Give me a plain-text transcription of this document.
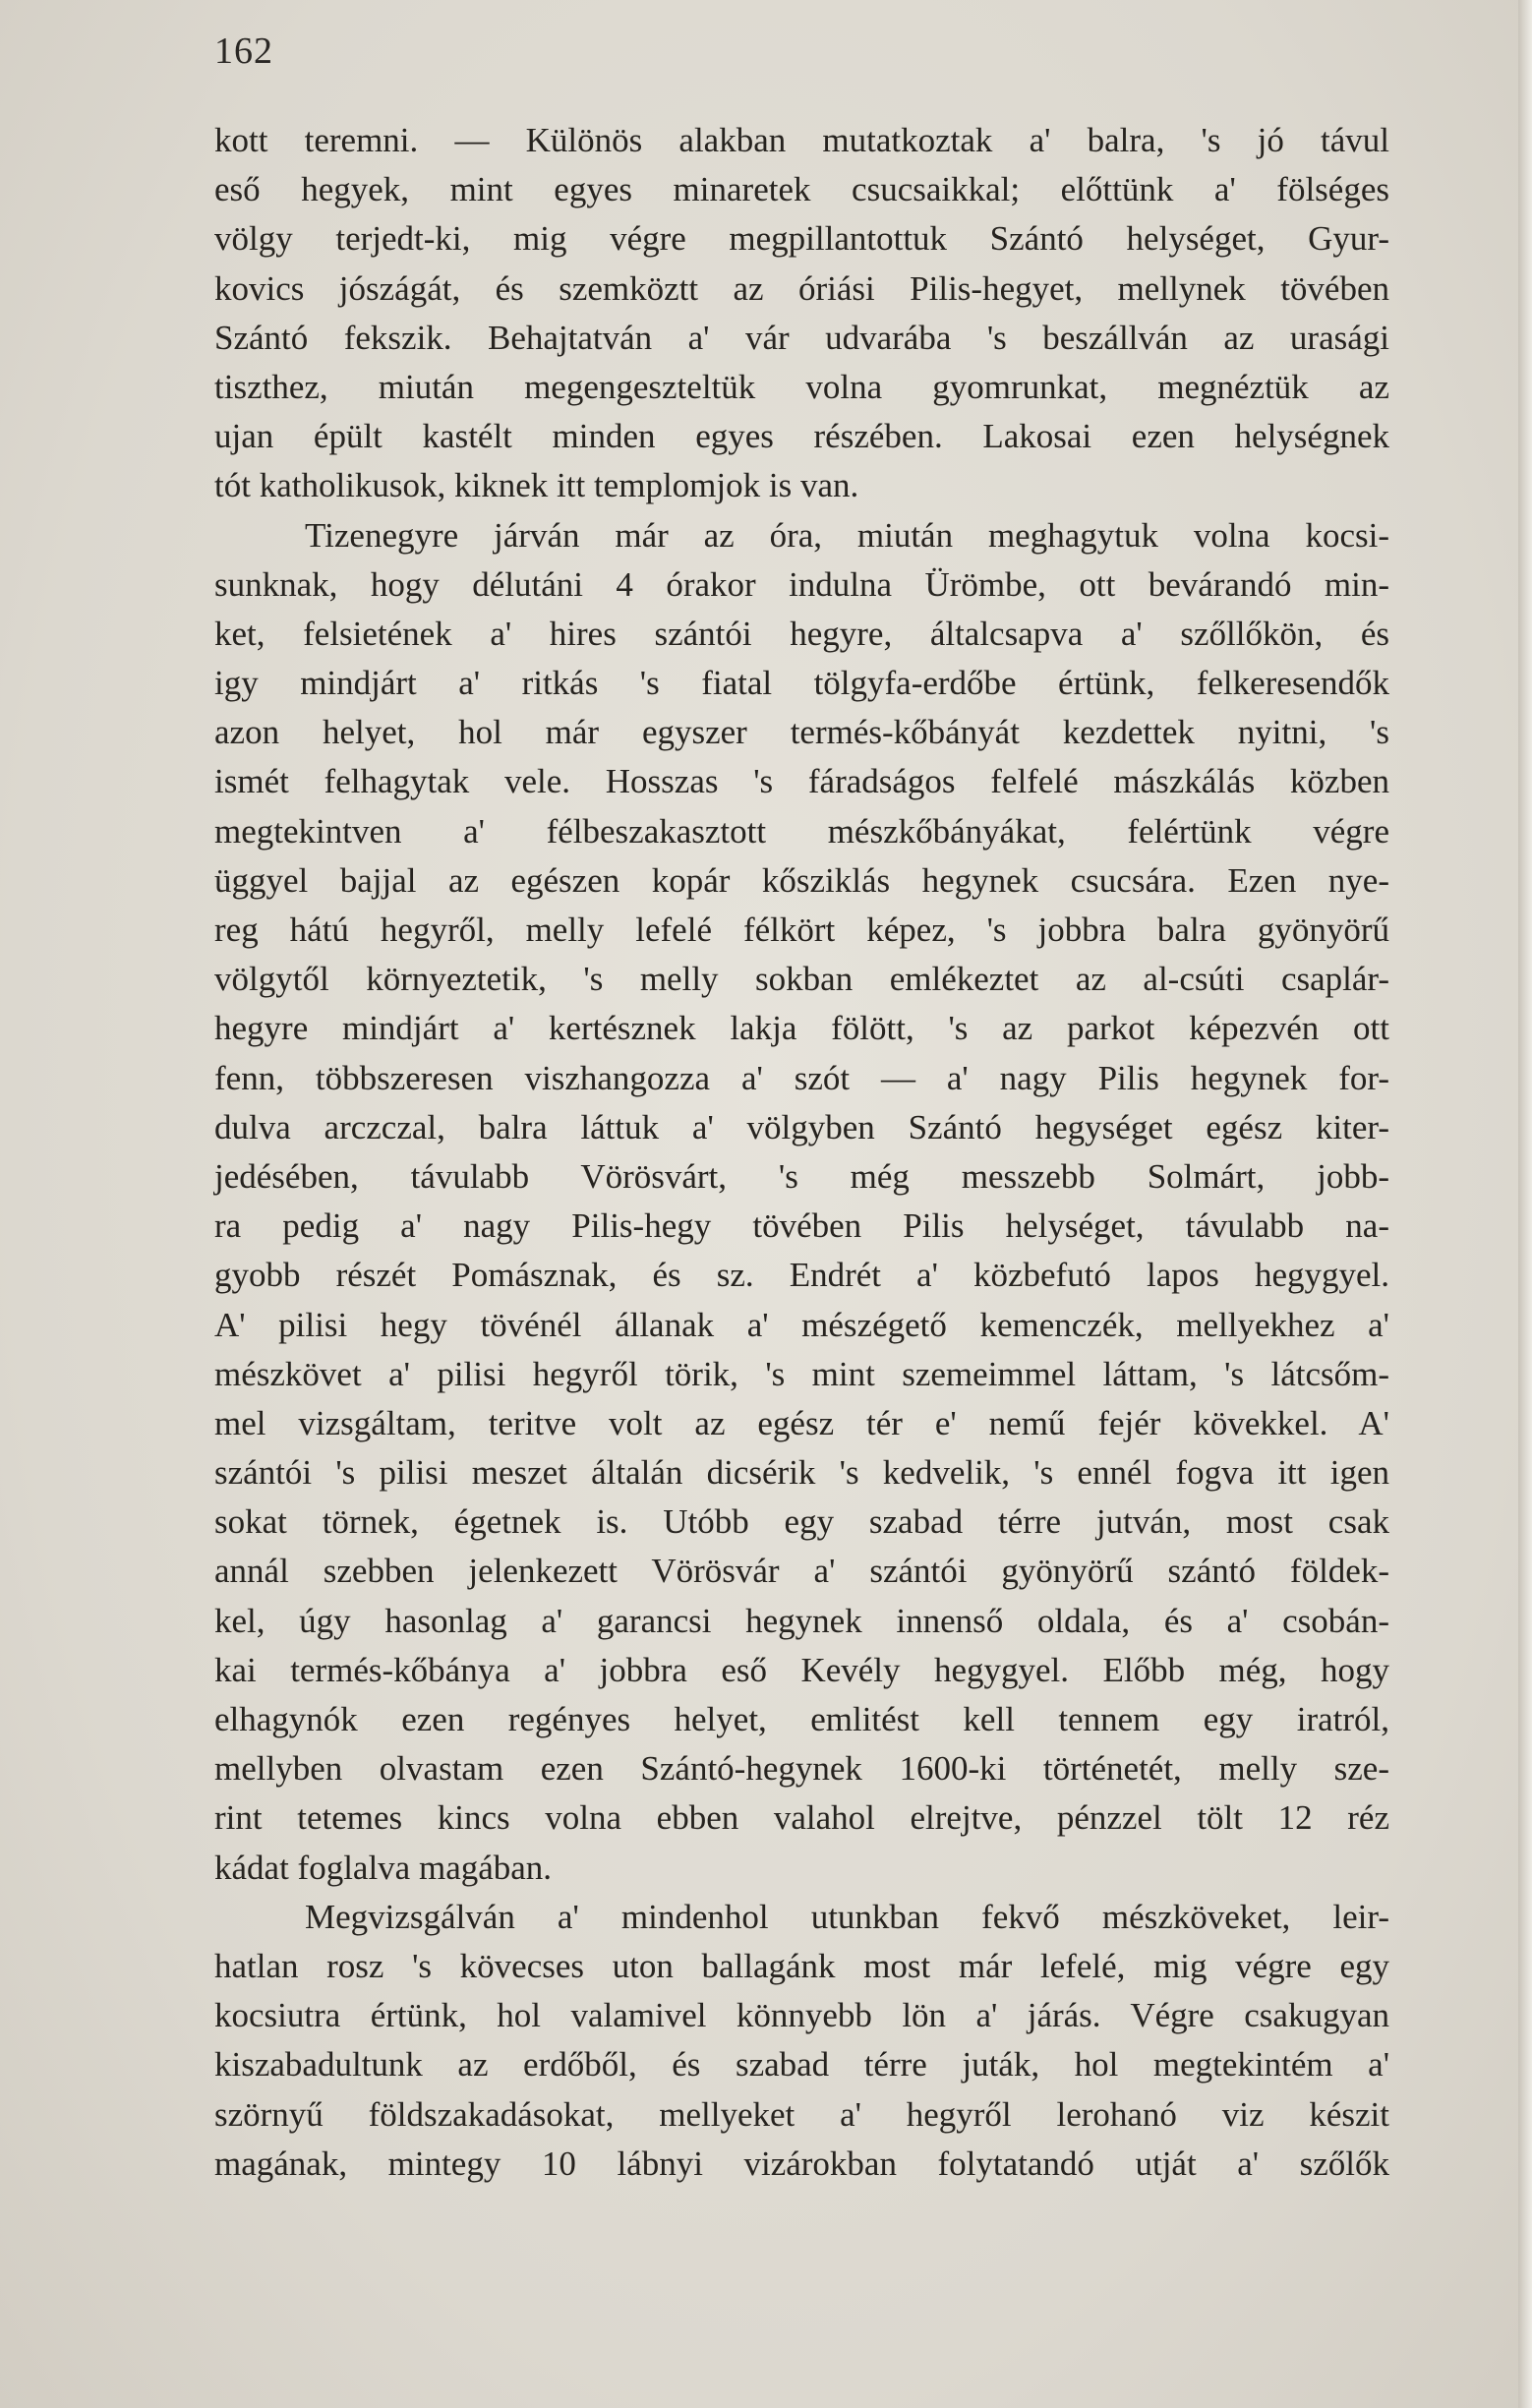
162
kott teremni. — Különös alakban mutatkoztak a' balra, 's jó távul
eső hegyek, mint egyes minaretek csucsaikkal; előttünk a' fölséges
völgy terjedt-ki, mig végre megpillantottuk Szántó helységet, Gyur-
kovics jószágát, és szemköztt az óriási Pilis-hegyet, mellynek tövében
Szántó fekszik. Behajtatván a' vár udvarába 's beszállván az urasági
tiszthez, miután megengeszteltük volna gyomrunkat, megnéztük az
ujan épült kastélt minden egyes részében. Lakosai ezen helységnek
tót katholikusok, kiknek itt templomjok is van.
Tizenegyre járván már az óra, miután meghagytuk volna kocsi-
sunknak, hogy délutáni 4 órakor indulna Ürömbe, ott bevárandó min-
ket, felsietének a' hires szántói hegyre, általcsapva a' szőllőkön, és
igy mindjárt a' ritkás 's fiatal tölgyfa-erdőbe értünk, felkeresendők
azon helyet, hol már egyszer termés-kőbányát kezdettek nyitni, 's
ismét felhagytak vele. Hosszas 's fáradságos felfelé mászkálás közben
megtekintven a' félbeszakasztott mészkőbányákat, felértünk végre
üggyel bajjal az egészen kopár kősziklás hegynek csucsára. Ezen nye-
reg hátú hegyről, melly lefelé félkört képez, 's jobbra balra gyönyörű
völgytől környeztetik, 's melly sokban emlékeztet az al-csúti csaplár-
hegyre mindjárt a' kertésznek lakja fölött, 's az parkot képezvén ott
fenn, többszeresen viszhangozza a' szót — a' nagy Pilis hegynek for-
dulva arczczal, balra láttuk a' völgyben Szántó hegységet egész kiter-
jedésében, távulabb Vörösvárt, 's még messzebb Solmárt, jobb-
ra pedig a' nagy Pilis-hegy tövében Pilis helységet, távulabb na-
gyobb részét Pomásznak, és sz. Endrét a' közbefutó lapos hegygyel.
A' pilisi hegy tövénél állanak a' mészégető kemenczék, mellyekhez a'
mészkövet a' pilisi hegyről törik, 's mint szemeimmel láttam, 's látcsőm-
mel vizsgáltam, teritve volt az egész tér e' nemű fejér kövekkel. A'
szántói 's pilisi meszet általán dicsérik 's kedvelik, 's ennél fogva itt igen
sokat törnek, égetnek is. Utóbb egy szabad térre jutván, most csak
annál szebben jelenkezett Vörösvár a' szántói gyönyörű szántó földek-
kel, úgy hasonlag a' garancsi hegynek innenső oldala, és a' csobán-
kai termés-kőbánya a' jobbra eső Kevély hegygyel. Előbb még, hogy
elhagynók ezen regényes helyet, emlitést kell tennem egy iratról,
mellyben olvastam ezen Szántó-hegynek 1600-ki történetét, melly sze-
rint tetemes kincs volna ebben valahol elrejtve, pénzzel tölt 12 réz
kádat foglalva magában.
Megvizsgálván a' mindenhol utunkban fekvő mészköveket, leir-
hatlan rosz 's kövecses uton ballagánk most már lefelé, mig végre egy
kocsiutra értünk, hol valamivel könnyebb lön a' járás. Végre csakugyan
kiszabadultunk az erdőből, és szabad térre juták, hol megtekintém a'
szörnyű földszakadásokat, mellyeket a' hegyről lerohanó viz készit
magának, mintegy 10 lábnyi vizárokban folytatandó utját a' szőlők
